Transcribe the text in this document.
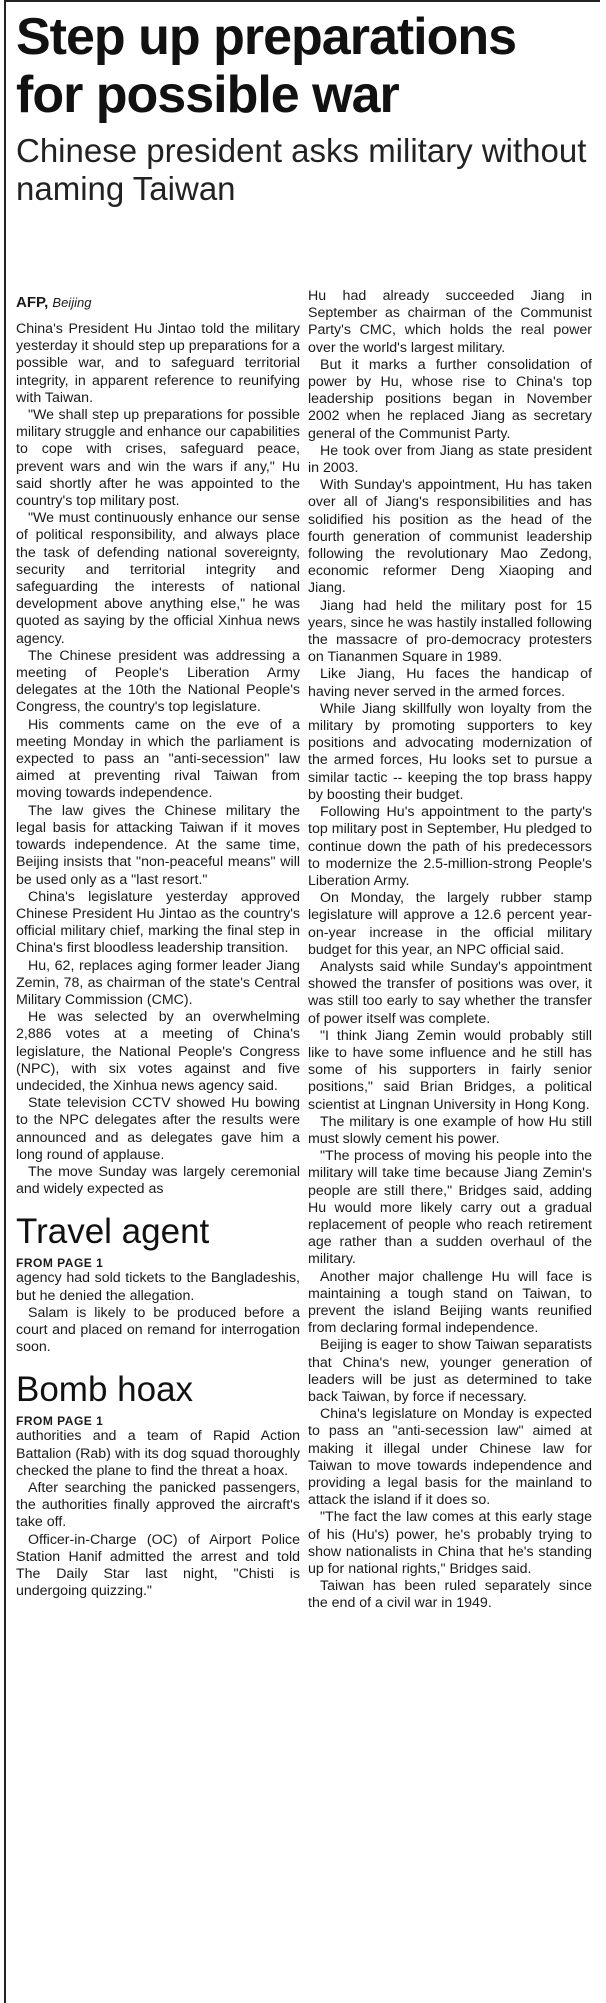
Step up preparations for possible war
Chinese president asks military without naming Taiwan
AFP, Beijing

China's President Hu Jintao told the military yesterday it should step up preparations for a possible war, and to safeguard territorial integrity, in apparent reference to reunifying with Taiwan.

"We shall step up preparations for possible military struggle and enhance our capabilities to cope with crises, safeguard peace, prevent wars and win the wars if any," Hu said shortly after he was appointed to the country's top military post.

"We must continuously enhance our sense of political responsibility, and always place the task of defending national sovereignty, security and territorial integrity and safeguarding the interests of national development above anything else," he was quoted as saying by the official Xinhua news agency.

The Chinese president was addressing a meeting of People's Liberation Army delegates at the 10th the National People's Congress, the country's top legislature.

His comments came on the eve of a meeting Monday in which the parliament is expected to pass an "anti-secession" law aimed at preventing rival Taiwan from moving towards independence.

The law gives the Chinese military the legal basis for attacking Taiwan if it moves towards independence. At the same time, Beijing insists that "non-peaceful means" will be used only as a "last resort."

China's legislature yesterday approved Chinese President Hu Jintao as the country's official military chief, marking the final step in China's first bloodless leadership transition.

Hu, 62, replaces aging former leader Jiang Zemin, 78, as chairman of the state's Central Military Commission (CMC).

He was selected by an overwhelming 2,886 votes at a meeting of China's legislature, the National People's Congress (NPC), with six votes against and five undecided, the Xinhua news agency said.

State television CCTV showed Hu bowing to the NPC delegates after the results were announced and as delegates gave him a long round of applause.

The move Sunday was largely ceremonial and widely expected as

Travel agent
FROM PAGE 1

agency had sold tickets to the Bangladeshis, but he denied the allegation.

Salam is likely to be produced before a court and placed on remand for interrogation soon.

Bomb hoax
FROM PAGE 1

authorities and a team of Rapid Action Battalion (Rab) with its dog squad thoroughly checked the plane to find the threat a hoax.

After searching the panicked passengers, the authorities finally approved the aircraft's take off.

Officer-in-Charge (OC) of Airport Police Station Hanif admitted the arrest and told The Daily Star last night, "Chisti is undergoing quizzing."

Hu had already succeeded Jiang in September as chairman of the Communist Party's CMC, which holds the real power over the world's largest military.

But it marks a further consolidation of power by Hu, whose rise to China's top leadership positions began in November 2002 when he replaced Jiang as secretary general of the Communist Party.

He took over from Jiang as state president in 2003.

With Sunday's appointment, Hu has taken over all of Jiang's responsibilities and has solidified his position as the head of the fourth generation of communist leadership following the revolutionary Mao Zedong, economic reformer Deng Xiaoping and Jiang.

Jiang had held the military post for 15 years, since he was hastily installed following the massacre of pro-democracy protesters on Tiananmen Square in 1989.

Like Jiang, Hu faces the handicap of having never served in the armed forces.

While Jiang skillfully won loyalty from the military by promoting supporters to key positions and advocating modernization of the armed forces, Hu looks set to pursue a similar tactic -- keeping the top brass happy by boosting their budget.

Following Hu's appointment to the party's top military post in September, Hu pledged to continue down the path of his predecessors to modernize the 2.5-million-strong People's Liberation Army.

On Monday, the largely rubber stamp legislature will approve a 12.6 percent year-on-year increase in the official military budget for this year, an NPC official said.

Analysts said while Sunday's appointment showed the transfer of positions was over, it was still too early to say whether the transfer of power itself was complete.

"I think Jiang Zemin would probably still like to have some influence and he still has some of his supporters in fairly senior positions," said Brian Bridges, a political scientist at Lingnan University in Hong Kong.

The military is one example of how Hu still must slowly cement his power.

"The process of moving his people into the military will take time because Jiang Zemin's people are still there," Bridges said, adding Hu would more likely carry out a gradual replacement of people who reach retirement age rather than a sudden overhaul of the military.

Another major challenge Hu will face is maintaining a tough stand on Taiwan, to prevent the island Beijing wants reunified from declaring formal independence.

Beijing is eager to show Taiwan separatists that China's new, younger generation of leaders will be just as determined to take back Taiwan, by force if necessary.

China's legislature on Monday is expected to pass an "anti-secession law" aimed at making it illegal under Chinese law for Taiwan to move towards independence and providing a legal basis for the mainland to attack the island if it does so.

"The fact the law comes at this early stage of his (Hu's) power, he's probably trying to show nationalists in China that he's standing up for national rights," Bridges said.

Taiwan has been ruled separately since the end of a civil war in 1949.
